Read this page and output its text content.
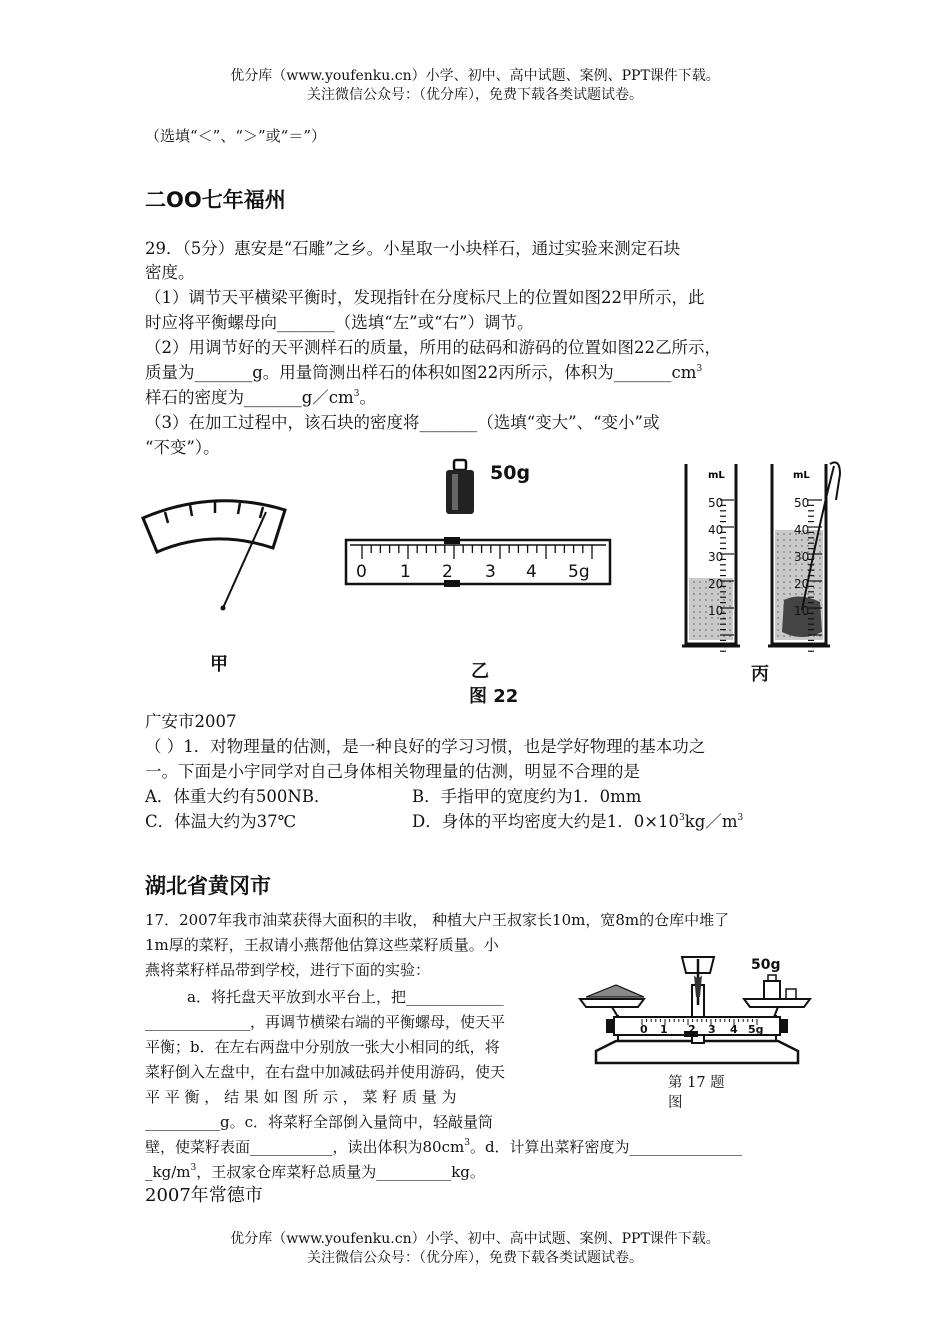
优分库（www.youfenku.cn）小学、初中、高中试题、案例、PPT课件下载。
关注微信公众号：（优分库），免费下载各类试题试卷。
（选填“＜”、“＞”或“＝”）
二OO七年福州
29．（5分）惠安是“石雕”之乡。小星取一小块样石，通过实验来测定石块
密度。
（1）调节天平横梁平衡时，发现指针在分度标尺上的位置如图22甲所示，此
时应将平衡螺母向_______（选填“左”或“右”）调节。
（2）用调节好的天平测样石的质量，所用的砝码和游码的位置如图22乙所示，
质量为_______g。用量筒测出样石的体积如图22丙所示，体积为$\_\_\_\_\_\_\_cm^3$
样石的密度为$\_\_\_\_\_\_\_g/cm^3$。
（3）在加工过程中，该石块的密度将_______（选填“变大”、“变小”或
“不变”）。
甲
50g
0 1 2 3 4 5g
乙
图 22
mL
50
40
30
20
10
mL
50
40
30
20
10
丙
广安市2007
（ ）1．对物理量的估测，是一种良好的学习习惯，也是学好物理的基本功之
一。下面是小宇同学对自己身体相关物理量的估测，明显不合理的是
A．体重大约有500NB．	B．手指甲的宽度约为1．0mm
C．体温大约为37℃	D．身体的平均密度大约是1．$0\times 10^3kg/m^3$
湖北省黄冈市
17．2007年我市油菜获得大面积的丰收， 种植大户王叔家长10m，宽8m的仓库中堆了
1m厚的菜籽，王叔请小燕帮他估算这些菜籽质量。小
燕将菜籽样品带到学校，进行下面的实验：
a．将托盘天平放到水平台上，把_____________
______________，再调节横梁右端的平衡螺母，使天平
平衡；b．在左右两盘中分别放一张大小相同的纸，将
菜籽倒入左盘中，在右盘中加减砝码并使用游码，使天
平 平 衡 ， 结 果 如 图 所 示 ， 菜 籽 质 量 为
__________g。c．将菜籽全部倒入量筒中，轻敲量筒
壁，使菜籽表面___________，读出体积为$80cm^3$。d．计算出菜籽密度为_______________
$\_kg/m^3$，王叔家仓库菜籽总质量为__________kg。
0 1 2 3 4 5g
50g
第 17 题
图
2007年常德市
优分库（www.youfenku.cn）小学、初中、高中试题、案例、PPT课件下载。
关注微信公众号：（优分库），免费下载各类试题试卷。
